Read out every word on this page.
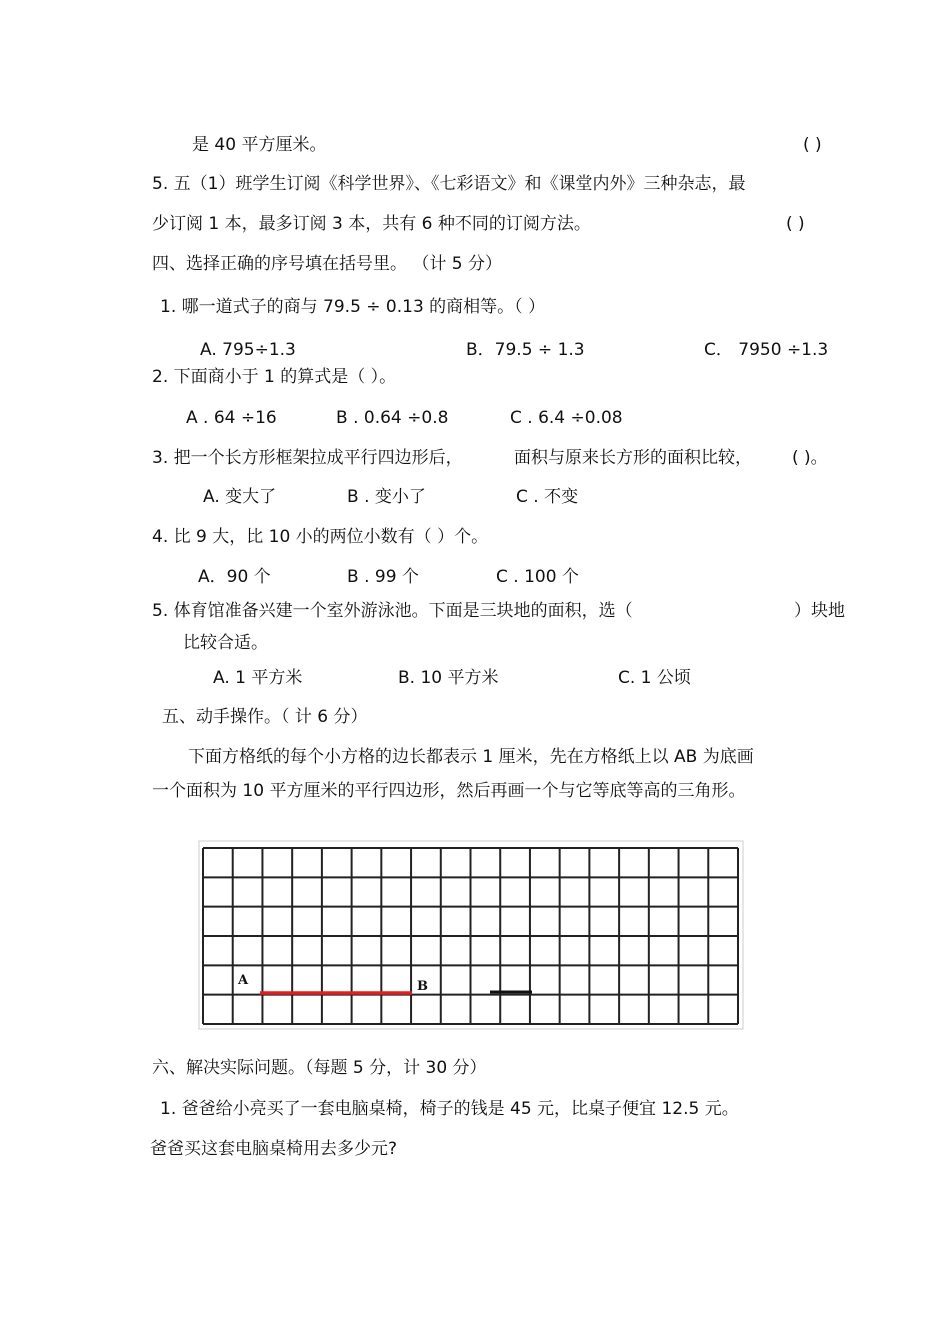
是 40 平方厘米。	( )
5. 五（1）班学生订阅《科学世界》、《七彩语文》和《课堂内外》三种杂志，最
少订阅 1 本，最多订阅 3 本，共有 6 种不同的订阅方法。	( )
四、选择正确的序号填在括号里。 （计 5 分）
1. 哪一道式子的商与 79.5 ÷ 0.13 的商相等。（ ）
A. 795÷1.3	B．79.5 ÷ 1.3	C． 7950 ÷1.3
2. 下面商小于 1 的算式是（ ）。
A . 64 ÷16	B . 0.64 ÷0.8	C . 6.4 ÷0.08
3. 把一个长方形框架拉成平行四边形后，	面积与原来长方形的面积比较， ( )。
A. 变大了	B . 变小了	C . 不变
4. 比 9 大，比 10 小的两位小数有（ ）个。
A．90 个	B . 99 个	C . 100 个
5. 体育馆准备兴建一个室外游泳池。下面是三块地的面积，选（	）块地
比较合适。
A. 1 平方米	B. 10 平方米	C. 1 公顷
五、动手操作。（ 计 6 分）
下面方格纸的每个小方格的边长都表示 1 厘米，先在方格纸上以 AB 为底画
一个面积为 10 平方厘米的平行四边形，然后再画一个与它等底等高的三角形。
A	B
六、解决实际问题。（每题 5 分，计 30 分）
1. 爸爸给小亮买了一套电脑桌椅，椅子的钱是 45 元，比桌子便宜 12.5 元。
爸爸买这套电脑桌椅用去多少元?
